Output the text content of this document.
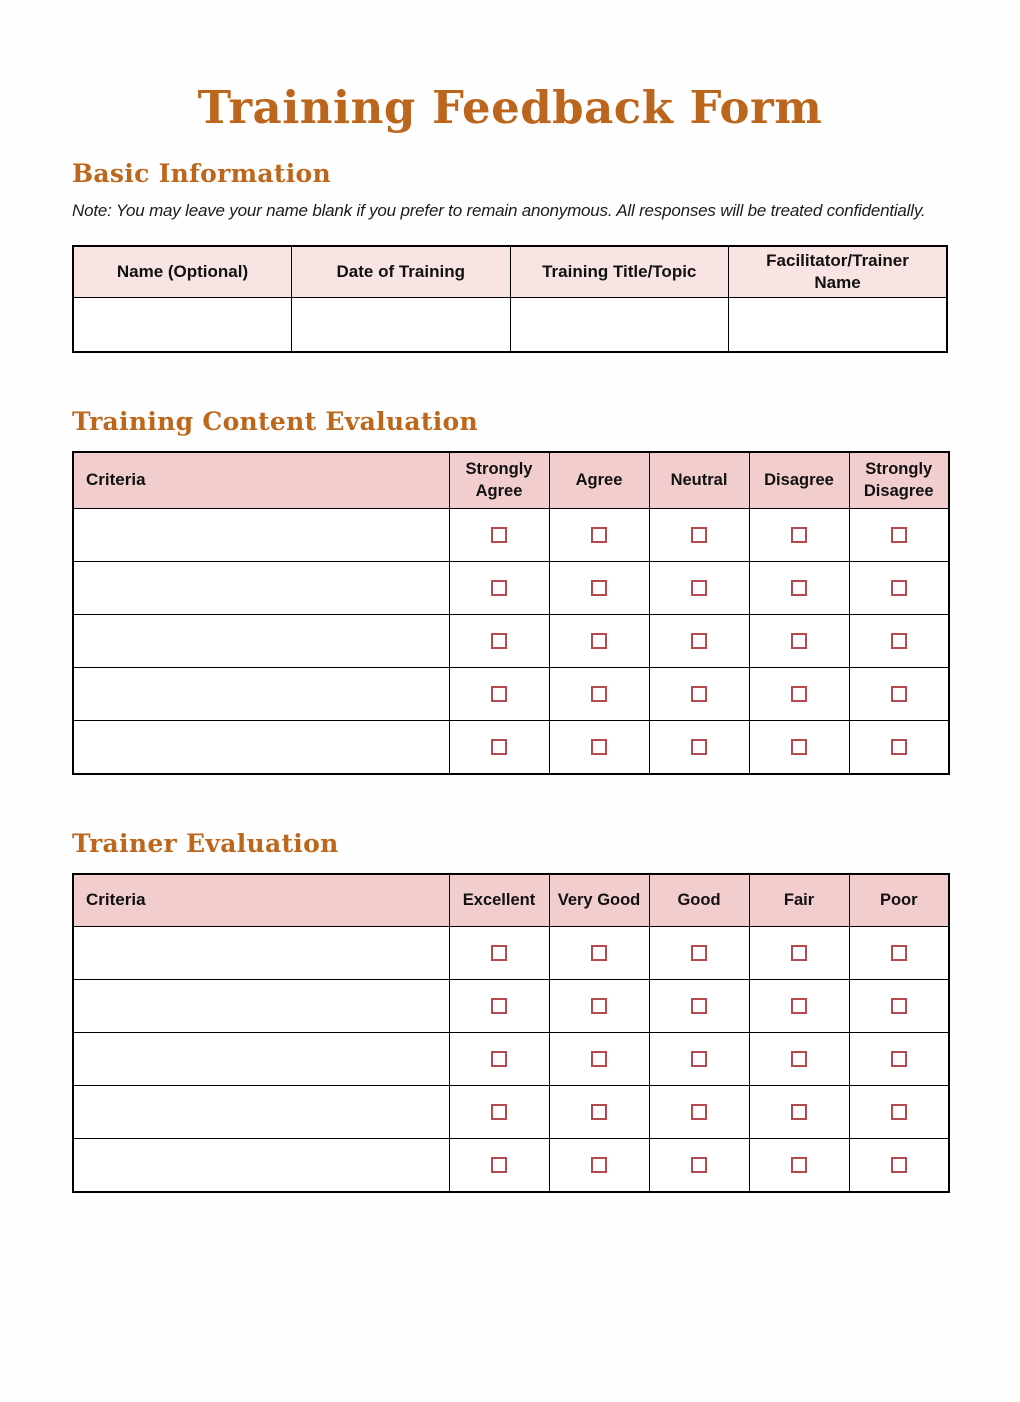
Training Feedback Form
Basic Information

Note: You may leave your name blank if you prefer to remain anonymous. All responses will be treated confidentially.

Name (Optional)	Date of Training	Training Title/Topic	Facilitator/Trainer Name

Training Content Evaluation
Criteria	Strongly Agree	Agree	Neutral	Disagree	Strongly Disagree

Trainer Evaluation
Criteria	Excellent	Very Good	Good	Fair	Poor
